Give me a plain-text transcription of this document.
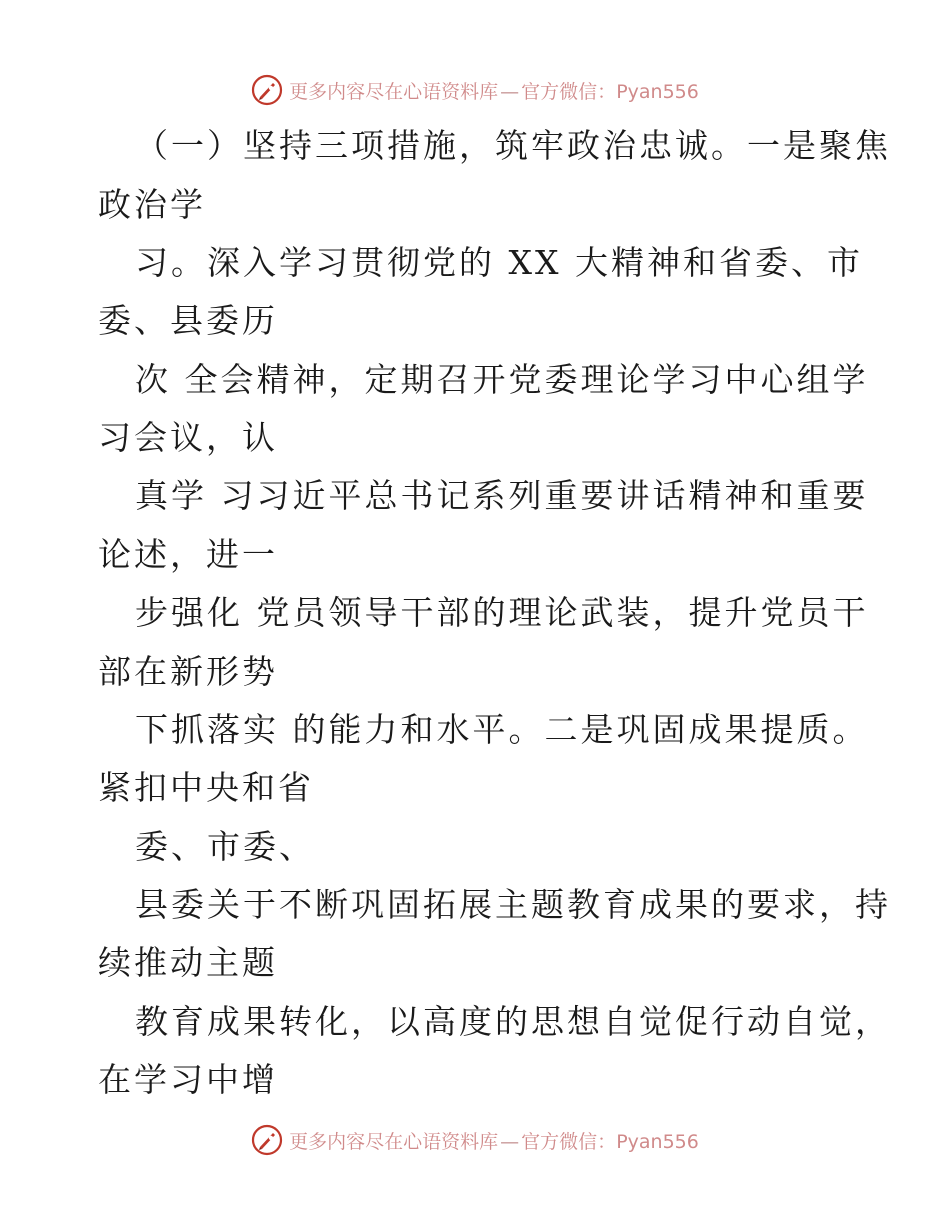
更多内容尽在心语资料库 — 官方微信：Pyan556
（一）坚持三项措施，筑牢政治忠诚。一是聚焦
政治学
习。深入学习贯彻党的 XX 大精神和省委、市
委、县委历
次 全会精神，定期召开党委理论学习中心组学
习会议，认
真学 习习近平总书记系列重要讲话精神和重要
论述，进一
步强化 党员领导干部的理论武装，提升党员干
部在新形势
下抓落实 的能力和水平。二是巩固成果提质。
紧扣中央和省
委、市委、
县委关于不断巩固拓展主题教育成果的要求，持
续推动主题
教育成果转化，以高度的思想自觉促行动自觉，
在学习中增
更多内容尽在心语资料库 — 官方微信：Pyan556
